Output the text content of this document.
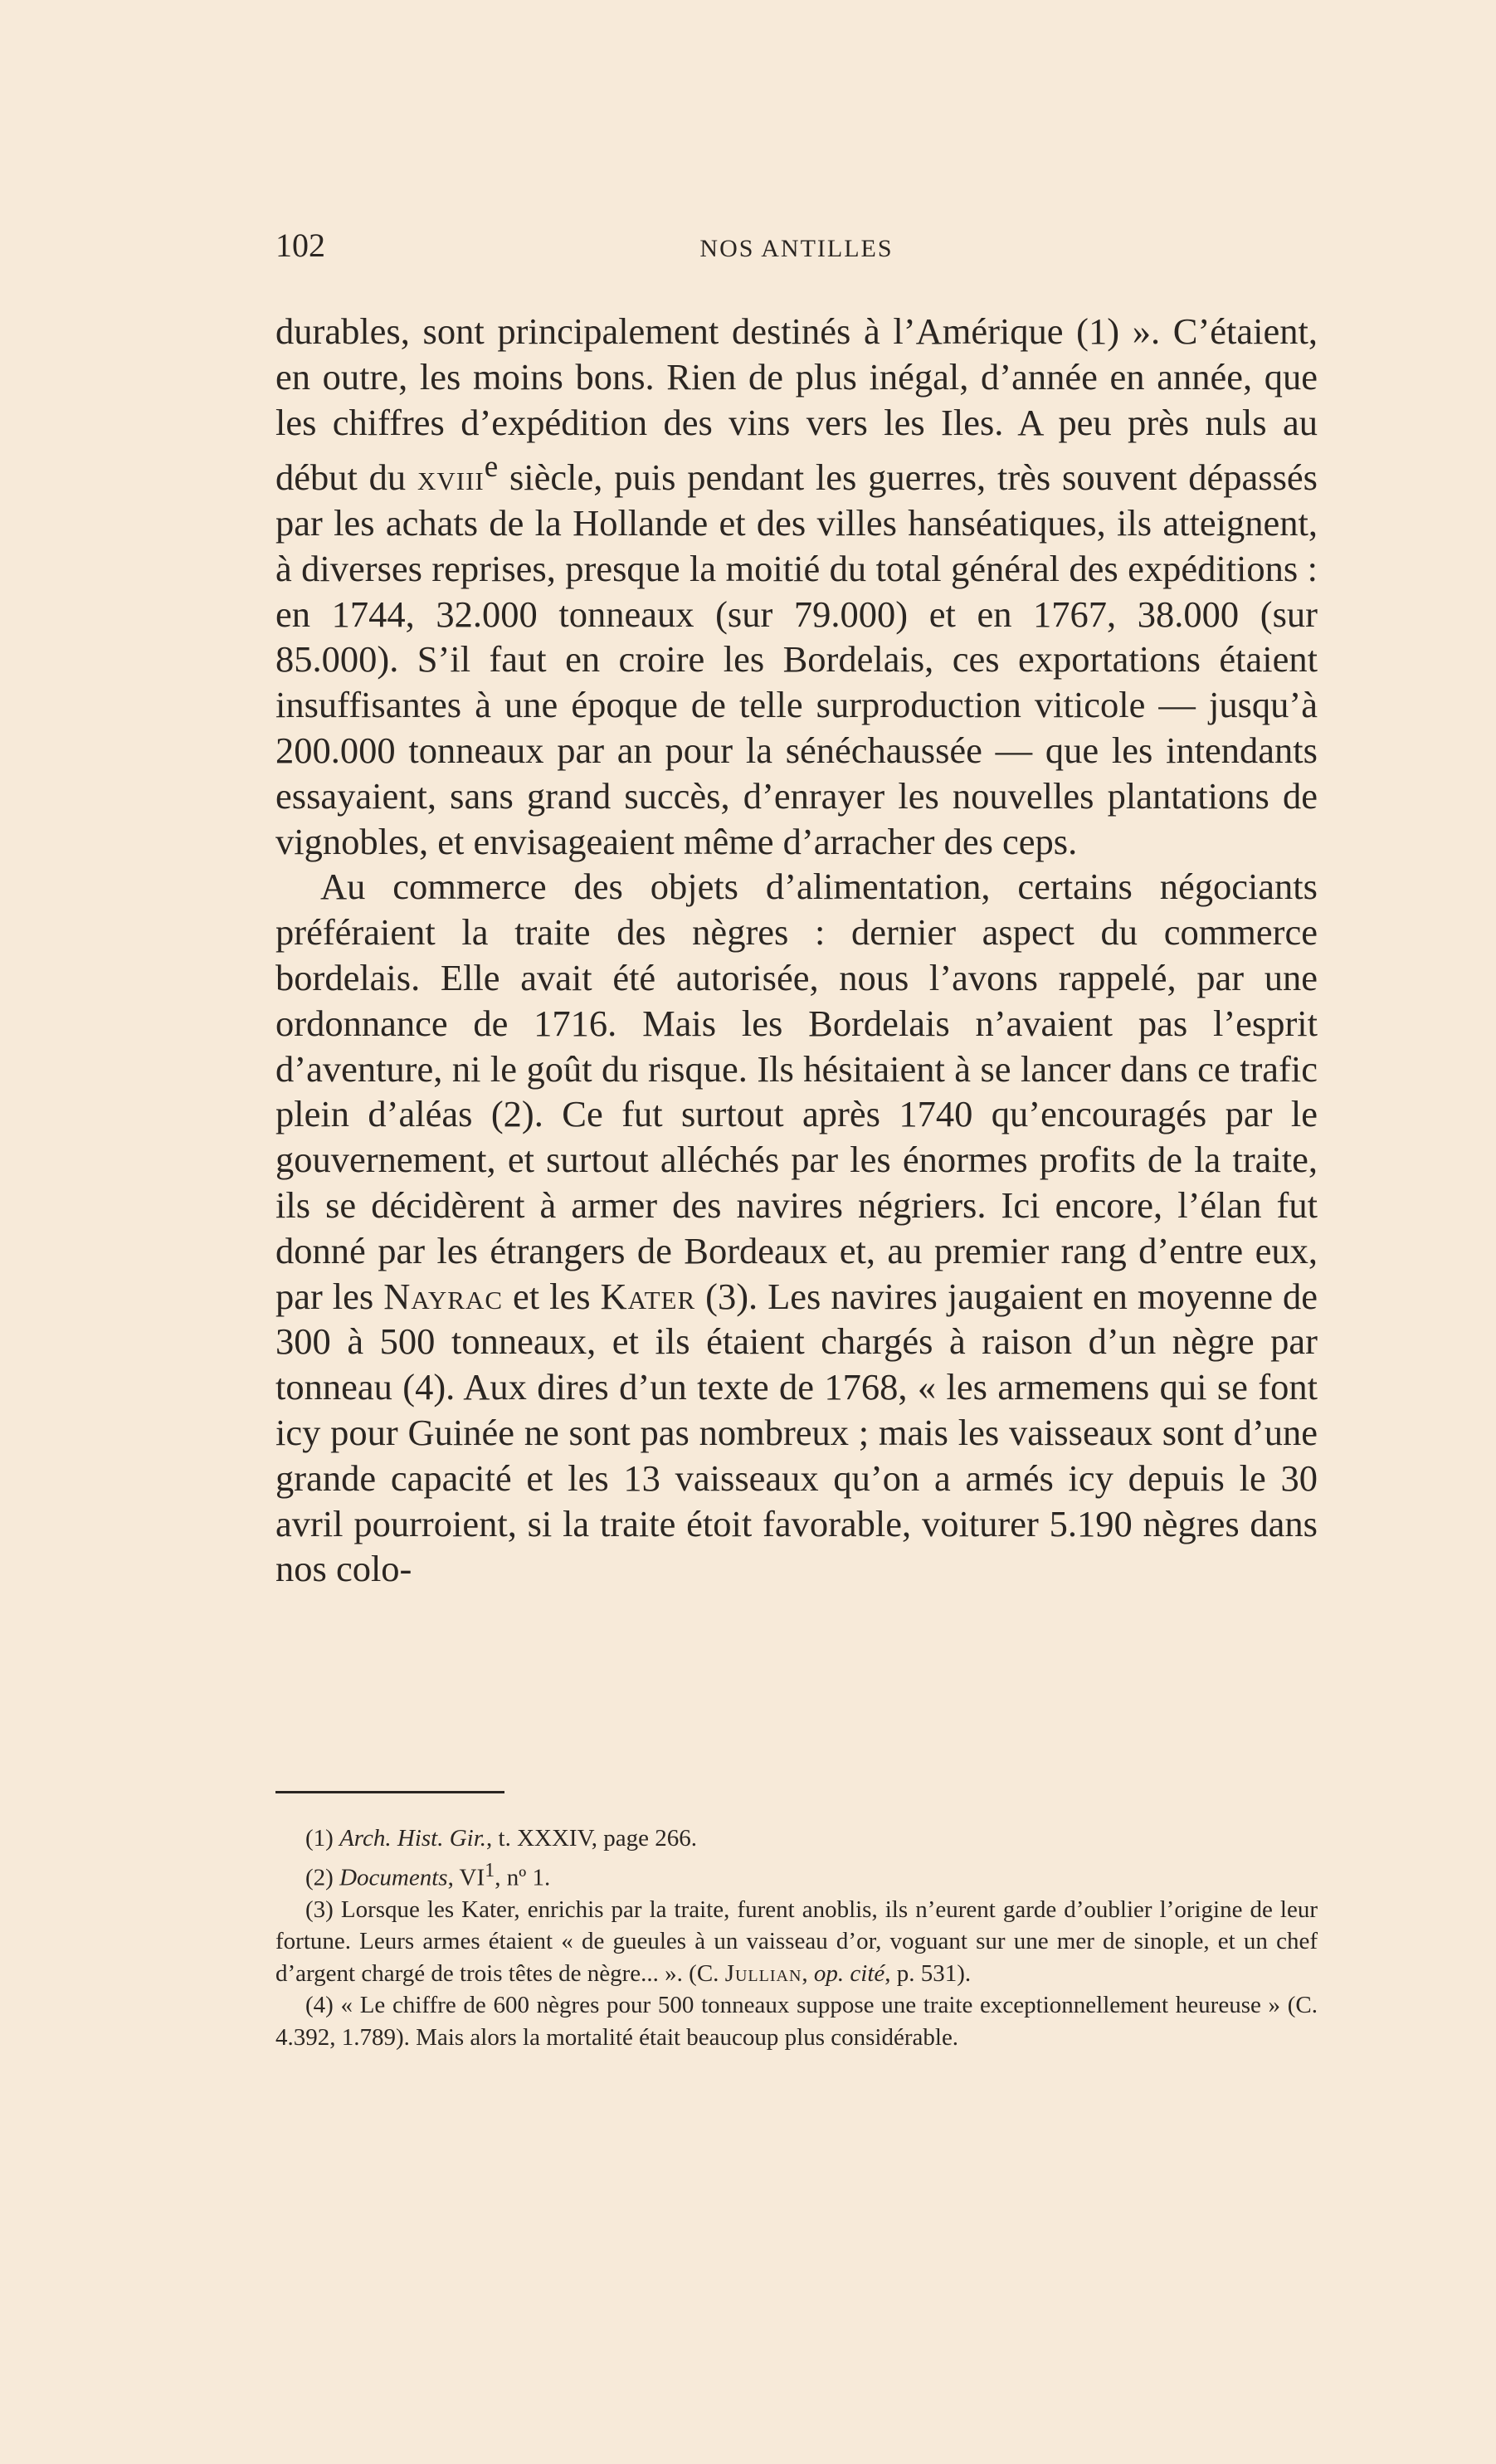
102	NOS ANTILLES

durables, sont principalement destinés à l’Amérique (1) ». C’étaient, en outre, les moins bons. Rien de plus inégal, d’année en année, que les chiffres d’expédition des vins vers les Iles. A peu près nuls au début du xviii$^e$ siècle, puis pendant les guerres, très souvent dépassés par les achats de la Hollande et des villes hanséatiques, ils atteignent, à diverses reprises, presque la moitié du total général des expéditions : en 1744, 32.000 tonneaux (sur 79.000) et en 1767, 38.000 (sur 85.000). S’il faut en croire les Bordelais, ces exportations étaient insuffisantes à une époque de telle surproduction viticole — jusqu’à 200.000 tonneaux par an pour la sénéchaussée — que les intendants essayaient, sans grand succès, d’enrayer les nouvelles plantations de vignobles, et envisageaient même d’arracher des ceps.

Au commerce des objets d’alimentation, certains négociants préféraient la traite des nègres : dernier aspect du commerce bordelais. Elle avait été autorisée, nous l’avons rappelé, par une ordonnance de 1716. Mais les Bordelais n’avaient pas l’esprit d’aventure, ni le goût du risque. Ils hésitaient à se lancer dans ce trafic plein d’aléas (2). Ce fut surtout après 1740 qu’encouragés par le gouvernement, et surtout alléchés par les énormes profits de la traite, ils se décidèrent à armer des navires négriers. Ici encore, l’élan fut donné par les étrangers de Bordeaux et, au premier rang d’entre eux, par les Nayrac et les Kater (3). Les navires jaugaient en moyenne de 300 à 500 tonneaux, et ils étaient chargés à raison d’un nègre par tonneau (4). Aux dires d’un texte de 1768, « les armemens qui se font icy pour Guinée ne sont pas nombreux ; mais les vaisseaux sont d’une grande capacité et les 13 vaisseaux qu’on a armés icy depuis le 30 avril pourroient, si la traite étoit favorable, voiturer 5.190 nègres dans nos colo-

(1) Arch. Hist. Gir., t. XXXIV, page 266.

(2) Documents, $VI^1$, nº 1.

(3) Lorsque les Kater, enrichis par la traite, furent anoblis, ils n’eurent garde d’oublier l’origine de leur fortune. Leurs armes étaient « de gueules à un vaisseau d’or, voguant sur une mer de sinople, et un chef d’argent chargé de trois têtes de nègre... ». (C. Jullian, op. cité, p. 531).

(4) « Le chiffre de 600 nègres pour 500 tonneaux suppose une traite exceptionnellement heureuse » (C. 4.392, 1.789). Mais alors la mortalité était beaucoup plus considérable.
